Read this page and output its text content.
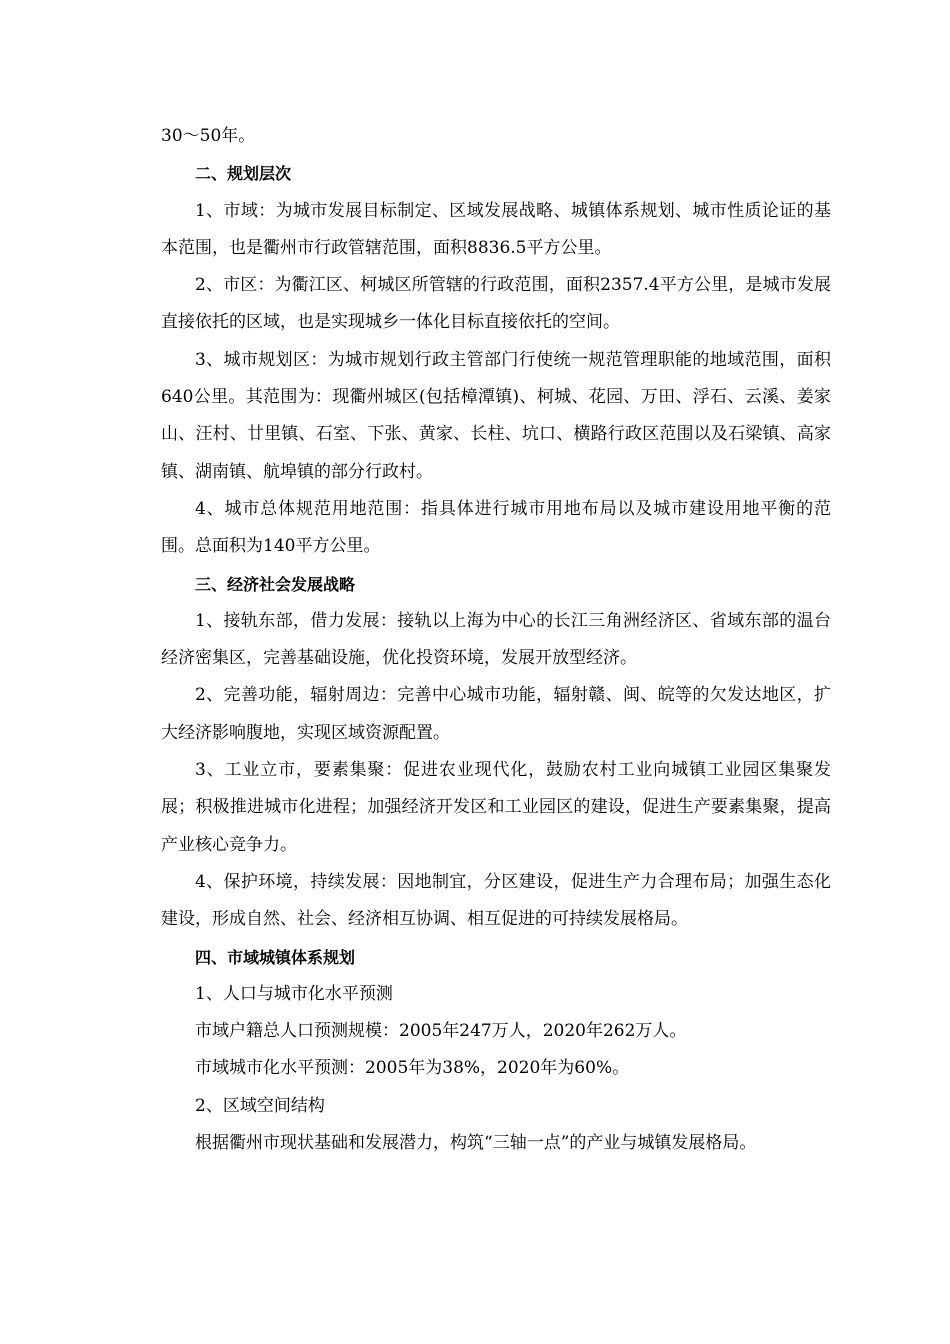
30～50年。

二、规划层次

1、市域：为城市发展目标制定、区域发展战略、城镇体系规划、城市性质论证的基本范围，也是衢州市行政管辖范围，面积8836.5平方公里。

2、市区：为衢江区、柯城区所管辖的行政范围，面积2357.4平方公里，是城市发展直接依托的区域，也是实现城乡一体化目标直接依托的空间。

3、城市规划区：为城市规划行政主管部门行使统一规范管理职能的地域范围，面积640公里。其范围为：现衢州城区(包括樟潭镇)、柯城、花园、万田、浮石、云溪、姜家山、汪村、廿里镇、石室、下张、黄家、长柱、坑口、横路行政区范围以及石梁镇、高家镇、湖南镇、航埠镇的部分行政村。

4、城市总体规范用地范围：指具体进行城市用地布局以及城市建设用地平衡的范围。总面积为140平方公里。

三、经济社会发展战略

1、接轨东部，借力发展：接轨以上海为中心的长江三角洲经济区、省域东部的温台经济密集区，完善基础设施，优化投资环境，发展开放型经济。

2、完善功能，辐射周边：完善中心城市功能，辐射赣、闽、皖等的欠发达地区，扩大经济影响腹地，实现区域资源配置。

3、工业立市，要素集聚：促进农业现代化，鼓励农村工业向城镇工业园区集聚发展；积极推进城市化进程；加强经济开发区和工业园区的建设，促进生产要素集聚，提高产业核心竞争力。

4、保护环境，持续发展：因地制宜，分区建设，促进生产力合理布局；加强生态化建设，形成自然、社会、经济相互协调、相互促进的可持续发展格局。

四、市域城镇体系规划

1、人口与城市化水平预测

市域户籍总人口预测规模：2005年247万人，2020年262万人。

市域城市化水平预测：2005年为38%，2020年为60%。

2、区域空间结构

根据衢州市现状基础和发展潜力，构筑“三轴一点”的产业与城镇发展格局。
